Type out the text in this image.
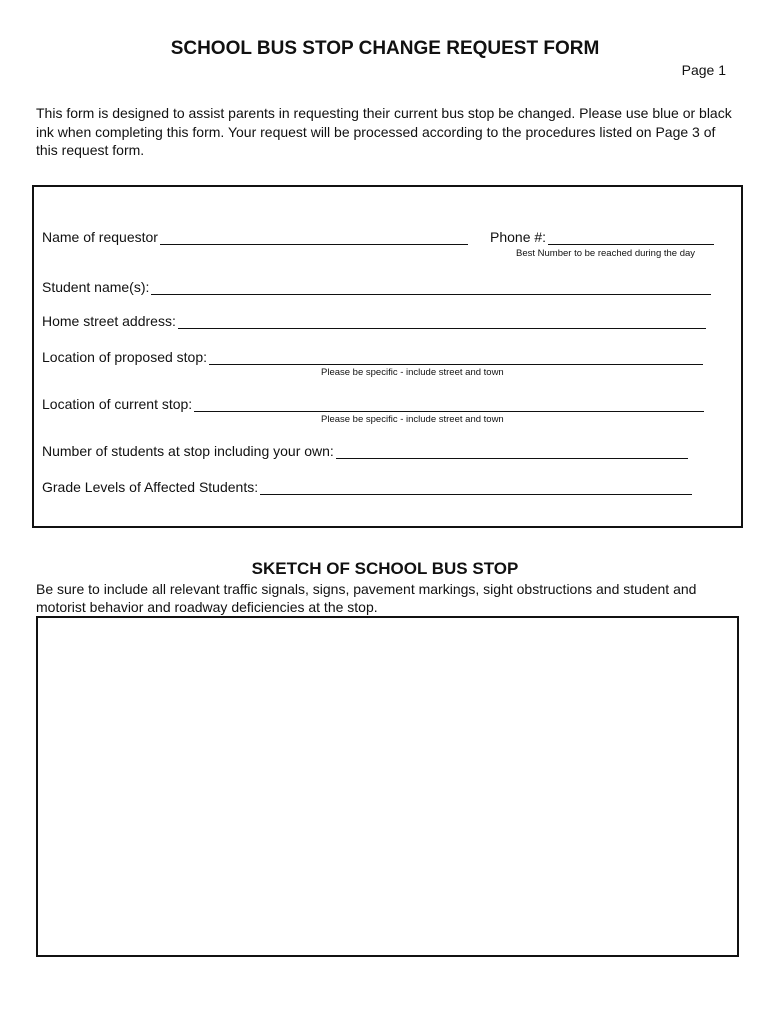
SCHOOL BUS STOP CHANGE REQUEST FORM
Page 1
This form is designed to assist parents in requesting their current bus stop be changed. Please use blue or black ink when completing this form. Your request will be processed according to the procedures listed on Page 3 of this request form.
Name of requestor	Phone #:
Best Number to be reached during the day
Student name(s):
Home street address:
Location of proposed stop:
Please be specific - include street and town
Location of current stop:
Please be specific - include street and town
Number of students at stop including your own:
Grade Levels of Affected Students:
SKETCH OF SCHOOL BUS STOP
Be sure to include all relevant traffic signals, signs, pavement markings, sight obstructions and student and motorist behavior and roadway deficiencies at the stop.
